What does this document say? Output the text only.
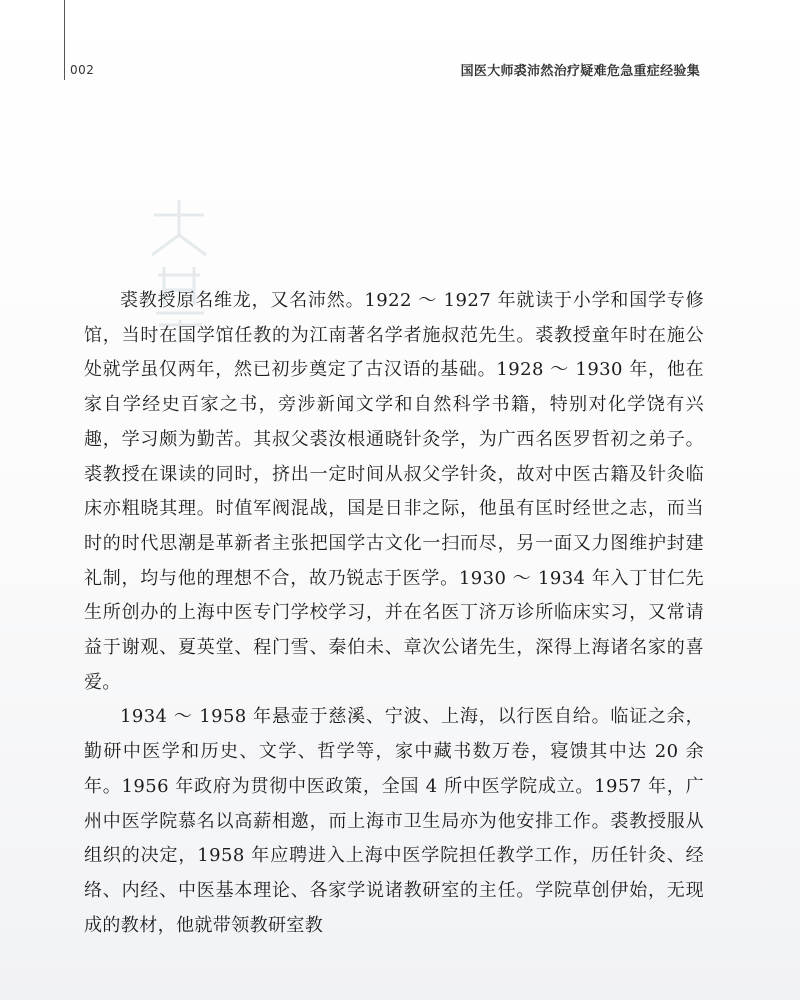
002	国医大师裘沛然治疗疑难危急重症经验集

裘教授原名维龙，又名沛然。1922 ～ 1927 年就读于小学和国学专修馆，当时在国学馆任教的为江南著名学者施叔范先生。裘教授童年时在施公处就学虽仅两年，然已初步奠定了古汉语的基础。1928 ～ 1930 年，他在家自学经史百家之书，旁涉新闻文学和自然科学书籍，特别对化学饶有兴趣，学习颇为勤苦。其叔父裘汝根通晓针灸学，为广西名医罗哲初之弟子。裘教授在课读的同时，挤出一定时间从叔父学针灸，故对中医古籍及针灸临床亦粗晓其理。时值军阀混战，国是日非之际，他虽有匡时经世之志，而当时的时代思潮是革新者主张把国学古文化一扫而尽，另一面又力图维护封建礼制，均与他的理想不合，故乃锐志于医学。1930 ～ 1934 年入丁甘仁先生所创办的上海中医专门学校学习，并在名医丁济万诊所临床实习，又常请益于谢观、夏英堂、程门雪、秦伯未、章次公诸先生，深得上海诸名家的喜爱。

1934 ～ 1958 年悬壶于慈溪、宁波、上海，以行医自给。临证之余，勤研中医学和历史、文学、哲学等，家中藏书数万卷，寝馈其中达 20 余年。1956 年政府为贯彻中医政策，全国 4 所中医学院成立。1957 年，广州中医学院慕名以高薪相邀，而上海市卫生局亦为他安排工作。裘教授服从组织的决定，1958 年应聘进入上海中医学院担任教学工作，历任针灸、经络、内经、中医基本理论、各家学说诸教研室的主任。学院草创伊始，无现成的教材，他就带领教研室教
